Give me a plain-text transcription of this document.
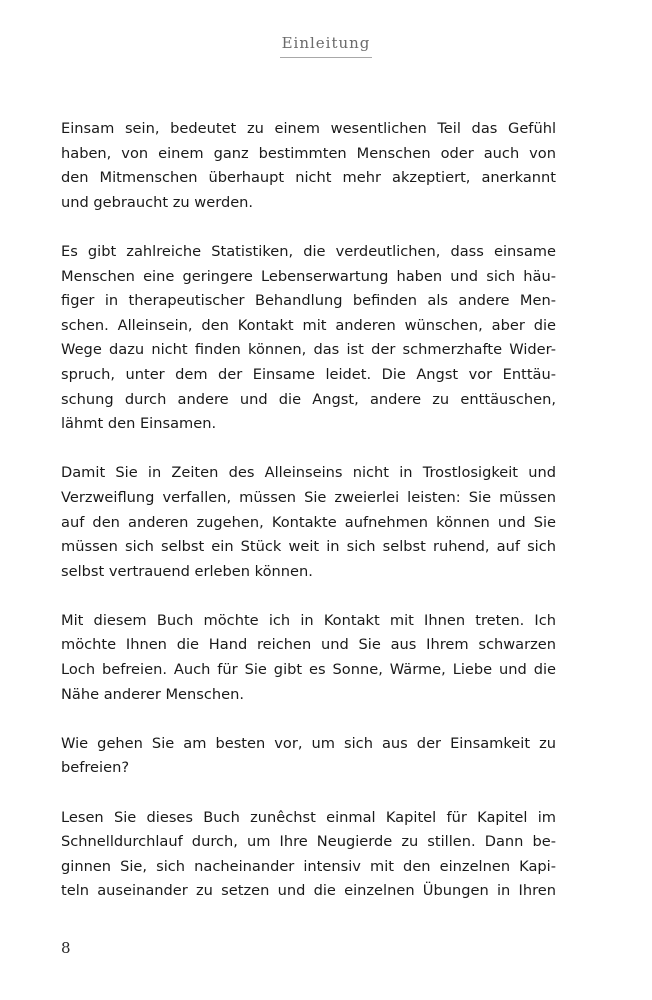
Einleitung
Einsam sein, bedeutet zu einem wesentlichen Teil das Gefühl
haben, von einem ganz bestimmten Menschen oder auch von
den Mitmenschen überhaupt nicht mehr akzeptiert, anerkannt
und gebraucht zu werden.
Es gibt zahlreiche Statistiken, die verdeutlichen, dass einsame
Menschen eine geringere Lebenserwartung haben und sich häu-
figer in therapeutischer Behandlung befinden als andere Men-
schen. Alleinsein, den Kontakt mit anderen wünschen, aber die
Wege dazu nicht finden können, das ist der schmerzhafte Wider-
spruch, unter dem der Einsame leidet. Die Angst vor Enttäu-
schung durch andere und die Angst, andere zu enttäuschen,
lähmt den Einsamen.
Damit Sie in Zeiten des Alleinseins nicht in Trostlosigkeit und
Verzweiflung verfallen, müssen Sie zweierlei leisten: Sie müssen
auf den anderen zugehen, Kontakte aufnehmen können und Sie
müssen sich selbst ein Stück weit in sich selbst ruhend, auf sich
selbst vertrauend erleben können.
Mit diesem Buch möchte ich in Kontakt mit Ihnen treten. Ich
möchte Ihnen die Hand reichen und Sie aus Ihrem schwarzen
Loch befreien. Auch für Sie gibt es Sonne, Wärme, Liebe und die
Nähe anderer Menschen.
Wie gehen Sie am besten vor, um sich aus der Einsamkeit zu
befreien?
Lesen Sie dieses Buch zunêchst einmal Kapitel für Kapitel im
Schnelldurchlauf durch, um Ihre Neugierde zu stillen. Dann be-
ginnen Sie, sich nacheinander intensiv mit den einzelnen Kapi-
teln auseinander zu setzen und die einzelnen Übungen in Ihren
8
